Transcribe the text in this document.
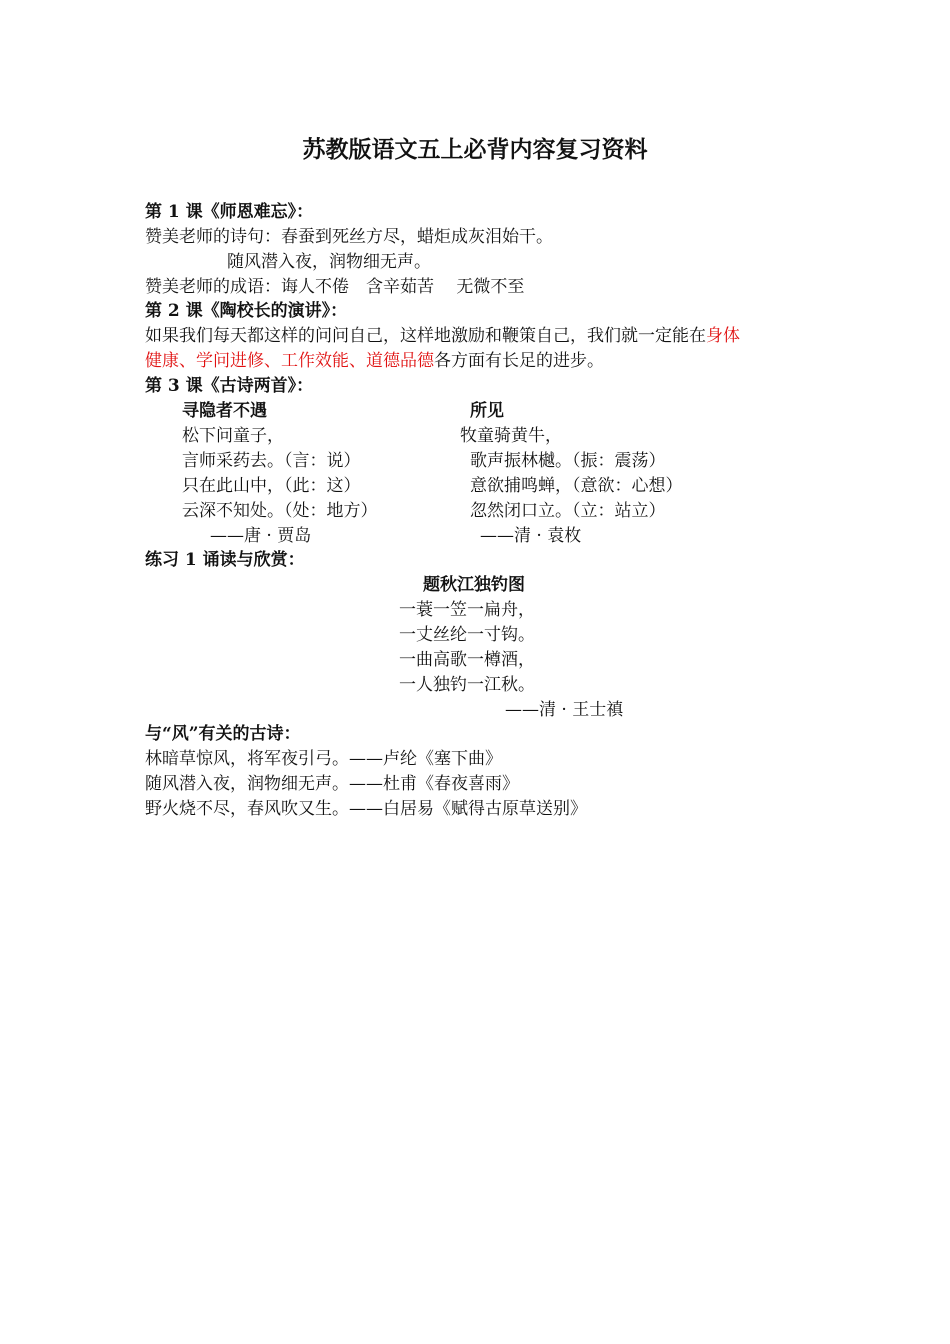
苏教版语文五上必背内容复习资料
第 1 课《师恩难忘》：
赞美老师的诗句：春蚕到死丝方尽，蜡炬成灰泪始干。
随风潜入夜，润物细无声。
赞美老师的成语：诲人不倦　含辛茹苦　 无微不至
第 2 课《陶校长的演讲》：
如果我们每天都这样的问问自己，这样地激励和鞭策自己，我们就一定能在身体
健康、学问进修、工作效能、道德品德各方面有长足的进步。
第 3 课《古诗两首》：
寻隐者不遇
松下问童子，
言师采药去。（言：说）
只在此山中，（此：这）
云深不知处。（处：地方）
——唐 · 贾岛
所见
牧童骑黄牛，
歌声振林樾。（振：震荡）
意欲捕鸣蝉，（意欲：心想）
忽然闭口立。（立：站立）
——清 · 袁枚
练习 1 诵读与欣赏：
题秋江独钓图
一蓑一笠一扁舟，
一丈丝纶一寸钩。
一曲高歌一樽酒，
一人独钓一江秋。
——清 · 王士禛
与“风”有关的古诗：
林暗草惊风，将军夜引弓。——卢纶《塞下曲》
随风潜入夜，润物细无声。——杜甫《春夜喜雨》
野火烧不尽，春风吹又生。——白居易《赋得古原草送别》
